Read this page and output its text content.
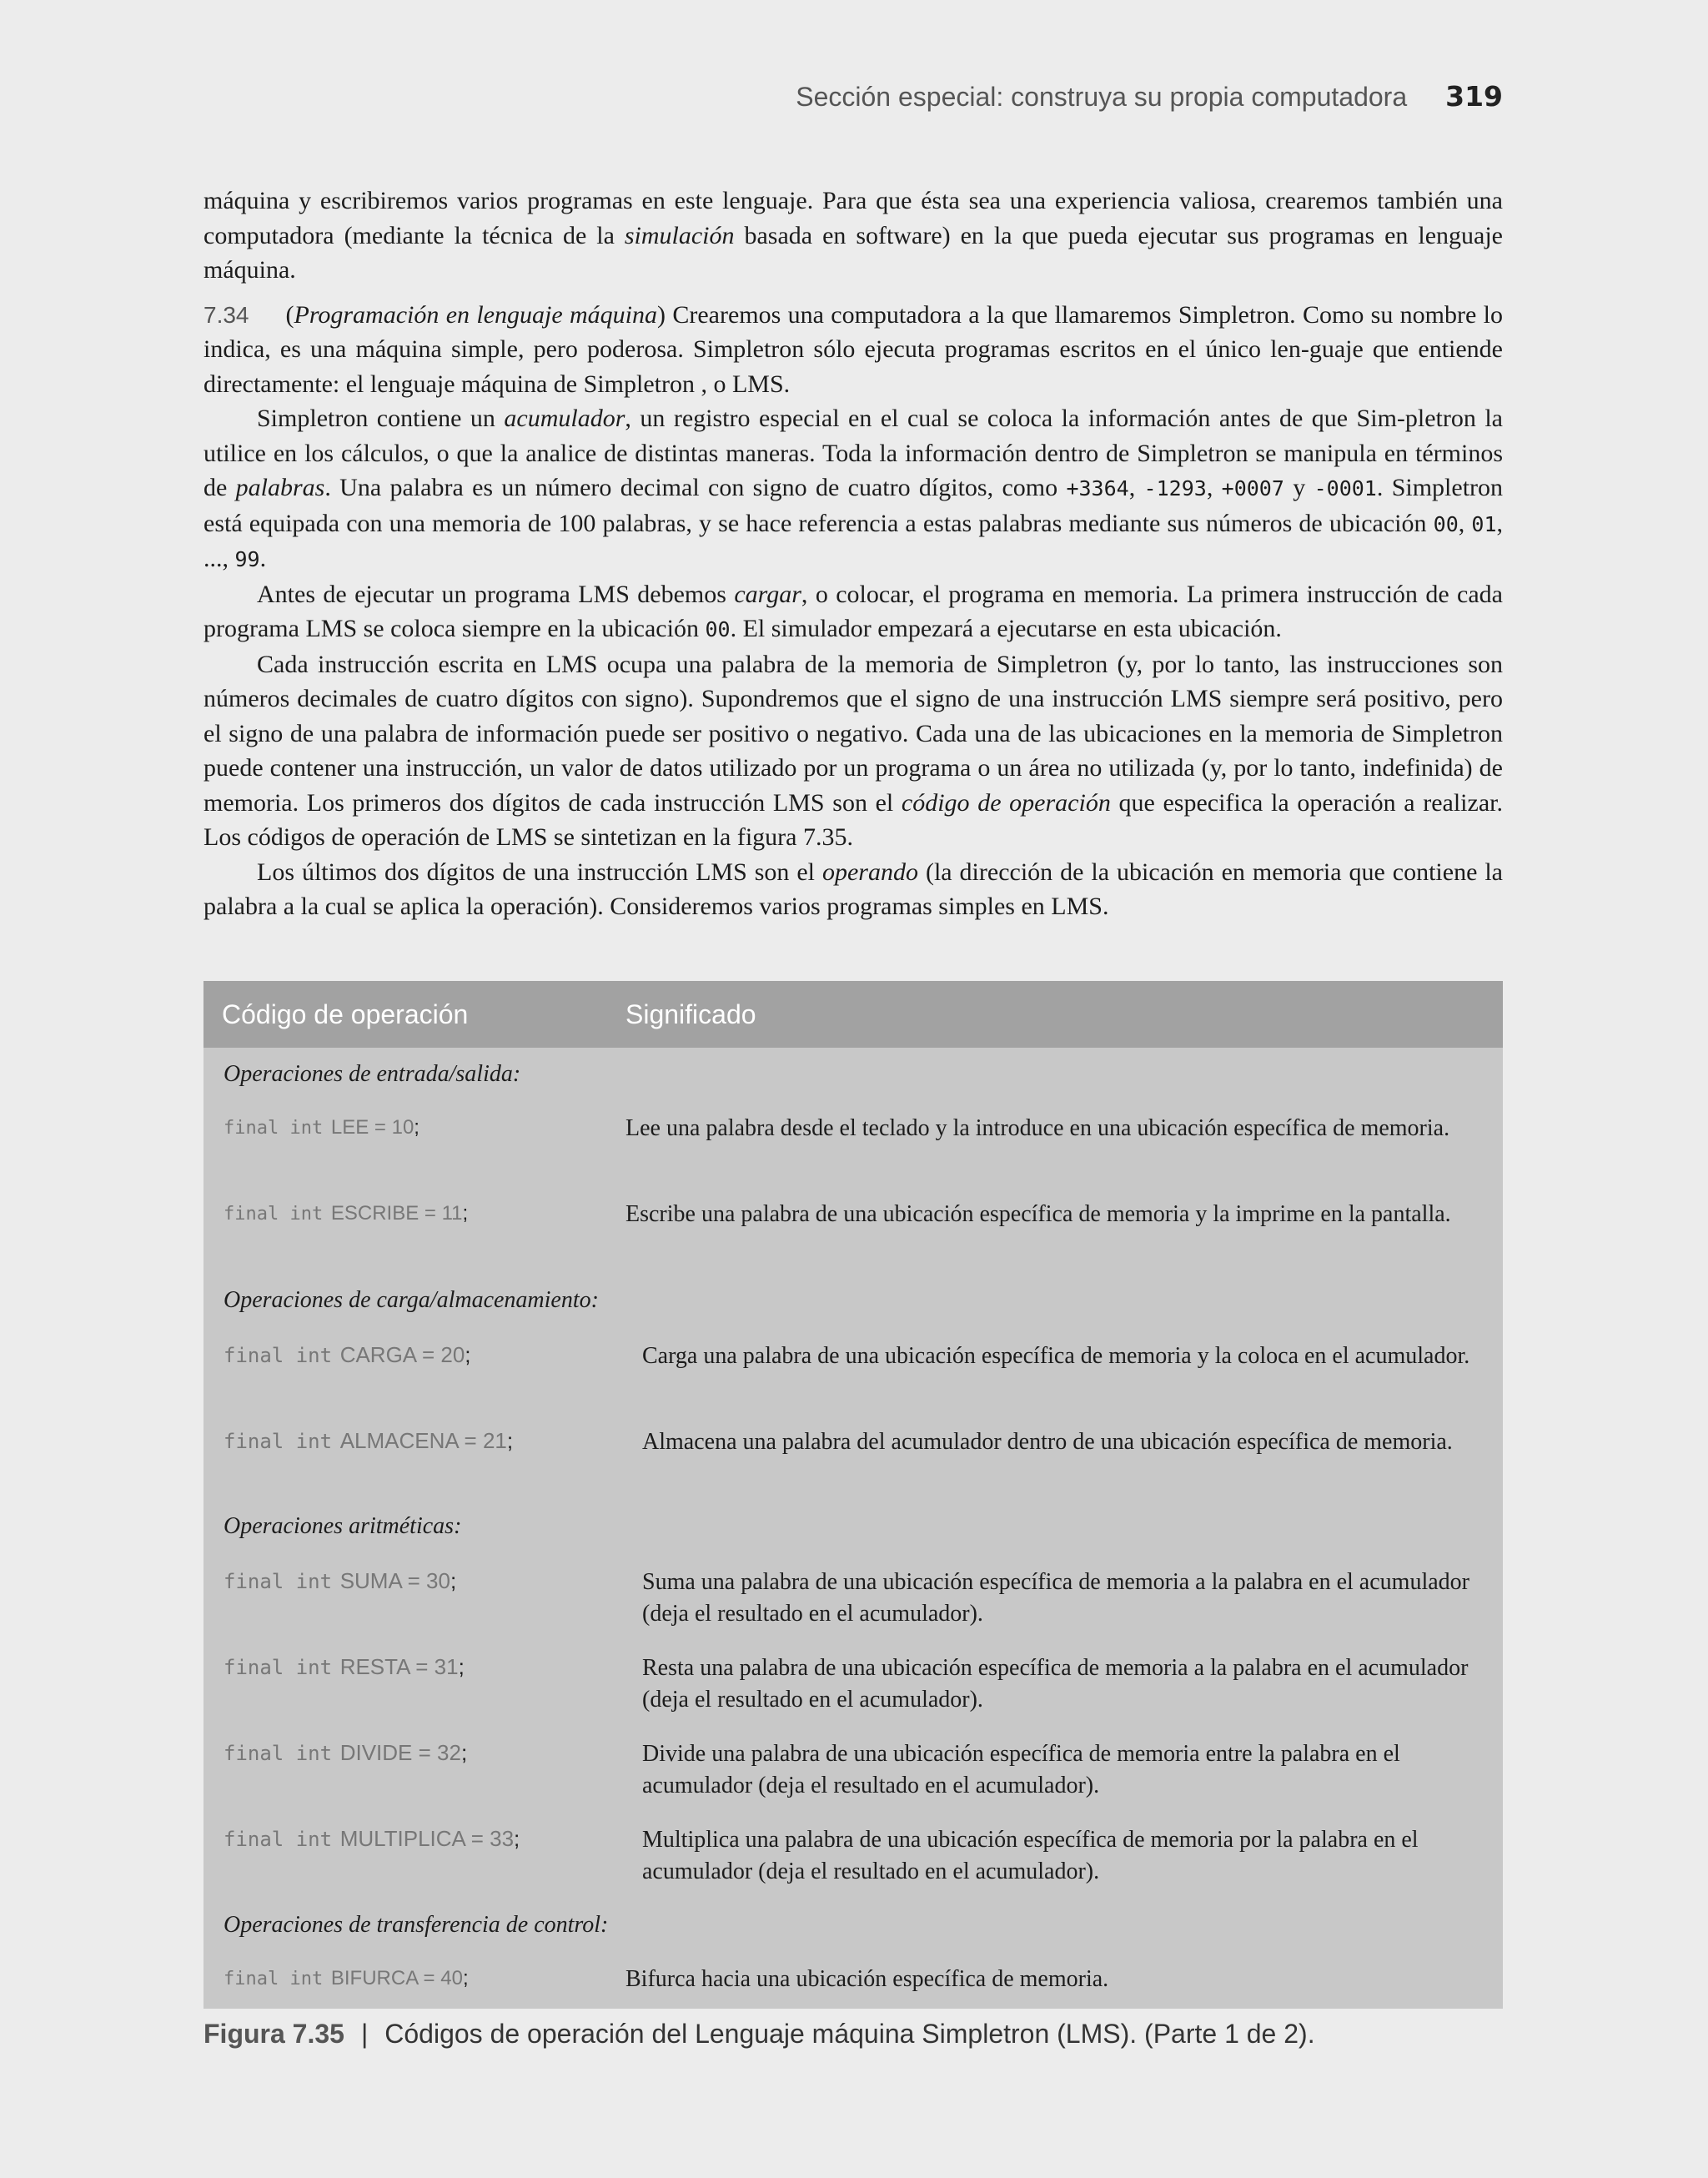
Sección especial: construya su propia computadora 319

máquina y escribiremos varios programas en este lenguaje. Para que ésta sea una experiencia valiosa, crearemos también una computadora (mediante la técnica de la simulación basada en software) en la que pueda ejecutar sus programas en lenguaje máquina.

7.34 (Programación en lenguaje máquina) Crearemos una computadora a la que llamaremos Simpletron. Como su nombre lo indica, es una máquina simple, pero poderosa. Simpletron sólo ejecuta programas escritos en el único len-guaje que entiende directamente: el lenguaje máquina de Simpletron , o LMS.

Simpletron contiene un acumulador, un registro especial en el cual se coloca la información antes de que Sim-pletron la utilice en los cálculos, o que la analice de distintas maneras. Toda la información dentro de Simpletron se manipula en términos de palabras. Una palabra es un número decimal con signo de cuatro dígitos, como +3364, -1293, +0007 y -0001. Simpletron está equipada con una memoria de 100 palabras, y se hace referencia a estas palabras mediante sus números de ubicación 00, 01, ..., 99.

Antes de ejecutar un programa LMS debemos cargar, o colocar, el programa en memoria. La primera instrucción de cada programa LMS se coloca siempre en la ubicación 00. El simulador empezará a ejecutarse en esta ubicación.

Cada instrucción escrita en LMS ocupa una palabra de la memoria de Simpletron (y, por lo tanto, las instrucciones son números decimales de cuatro dígitos con signo). Supondremos que el signo de una instrucción LMS siempre será positivo, pero el signo de una palabra de información puede ser positivo o negativo. Cada una de las ubicaciones en la memoria de Simpletron puede contener una instrucción, un valor de datos utilizado por un programa o un área no utilizada (y, por lo tanto, indefinida) de memoria. Los primeros dos dígitos de cada instrucción LMS son el código de operación que especifica la operación a realizar. Los códigos de operación de LMS se sintetizan en la figura 7.35.

Los últimos dos dígitos de una instrucción LMS son el operando (la dirección de la ubicación en memoria que contiene la palabra a la cual se aplica la operación). Consideremos varios programas simples en LMS.

Código de operación	Significado
Operaciones de entrada/salida:
final int LEE = 10;	Lee una palabra desde el teclado y la introduce en una ubicación específica de memoria.
final int ESCRIBE = 11;	Escribe una palabra de una ubicación específica de memoria y la imprime en la pantalla.
Operaciones de carga/almacenamiento:
final int CARGA = 20;	Carga una palabra de una ubicación específica de memoria y la coloca en el acumulador.
final int ALMACENA = 21;	Almacena una palabra del acumulador dentro de una ubicación específica de memoria.
Operaciones aritméticas:
final int SUMA = 30;	Suma una palabra de una ubicación específica de memoria a la palabra en el acumulador (deja el resultado en el acumulador).
final int RESTA = 31;	Resta una palabra de una ubicación específica de memoria a la palabra en el acumulador (deja el resultado en el acumulador).
final int DIVIDE = 32;	Divide una palabra de una ubicación específica de memoria entre la palabra en el acumulador (deja el resultado en el acumulador).
final int MULTIPLICA = 33;	Multiplica una palabra de una ubicación específica de memoria por la palabra en el acumulador (deja el resultado en el acumulador).
Operaciones de transferencia de control:
final int BIFURCA = 40;	Bifurca hacia una ubicación específica de memoria.
Figura 7.35 | Códigos de operación del Lenguaje máquina Simpletron (LMS). (Parte 1 de 2).
